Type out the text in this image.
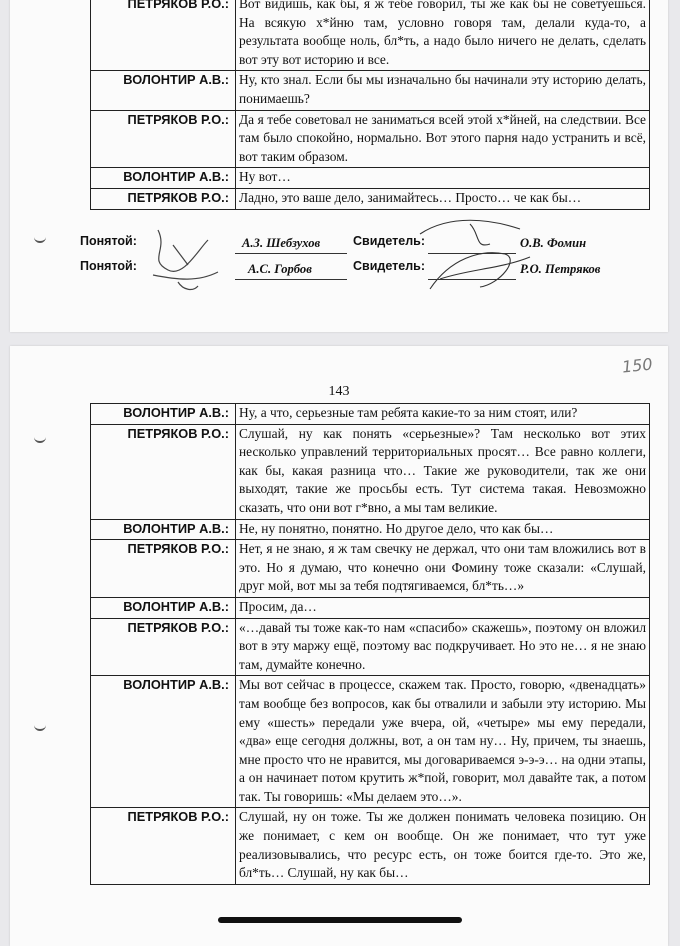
ПЕТРЯКОВ Р.О.:	Вот видишь, как бы, я ж тебе говорил, ты же как бы не советуешься. На всякую х*йню там, условно говоря там, делали куда-то, а результата вообще ноль, бл*ть, а надо было ничего не делать, сделать вот эту вот историю и все.
ВОЛОНТИР А.В.:	Ну, кто знал. Если бы мы изначально бы начинали эту историю делать, понимаешь?
ПЕТРЯКОВ Р.О.:	Да я тебе советовал не заниматься всей этой х*йней, на следствии. Все там было спокойно, нормально. Вот этого парня надо устранить и всё, вот таким образом.
ВОЛОНТИР А.В.:	Ну вот…
ПЕТРЯКОВ Р.О.:	Ладно, это ваше дело, занимайтесь… Просто… че как бы…
Понятой:	А.З. Шебзухов
Понятой:	А.С. Горбов
Свидетель:	О.В. Фомин
Свидетель:	Р.О. Петряков
150
143
ВОЛОНТИР А.В.:	Ну, а что, серьезные там ребята какие-то за ним стоят, или?
ПЕТРЯКОВ Р.О.:	Слушай, ну как понять «серьезные»? Там несколько вот этих несколько управлений территориальных просят… Все равно коллеги, как бы, какая разница что… Такие же руководители, так же они выходят, такие же просьбы есть. Тут система такая. Невозможно сказать, что они вот г*вно, а мы там великие.
ВОЛОНТИР А.В.:	Не, ну понятно, понятно. Но другое дело, что как бы…
ПЕТРЯКОВ Р.О.:	Нет, я не знаю, я ж там свечку не держал, что они там вложились вот в это. Но я думаю, что конечно они Фомину тоже сказали: «Слушай, друг мой, вот мы за тебя подтягиваемся, бл*ть…»
ВОЛОНТИР А.В.:	Просим, да…
ПЕТРЯКОВ Р.О.:	«…давай ты тоже как-то нам «спасибо» скажешь», поэтому он вложил вот в эту маржу ещё, поэтому вас подкручивает. Но это не… я не знаю там, думайте конечно.
ВОЛОНТИР А.В.:	Мы вот сейчас в процессе, скажем так. Просто, говорю, «двенадцать» там вообще без вопросов, как бы отвалили и забыли эту историю. Мы ему «шесть» передали уже вчера, ой, «четыре» мы ему передали, «два» еще сегодня должны, вот, а он там ну… Ну, причем, ты знаешь, мне просто что не нравится, мы договариваемся э-э-э… на одни этапы, а он начинает потом крутить ж*пой, говорит, мол давайте так, а потом так. Ты говоришь: «Мы делаем это…».
ПЕТРЯКОВ Р.О.:	Слушай, ну он тоже. Ты же должен понимать человека позицию. Он же понимает, с кем он вообще. Он же понимает, что тут уже реализовывались, что ресурс есть, он тоже боится где-то. Это же, бл*ть… Слушай, ну как бы…
